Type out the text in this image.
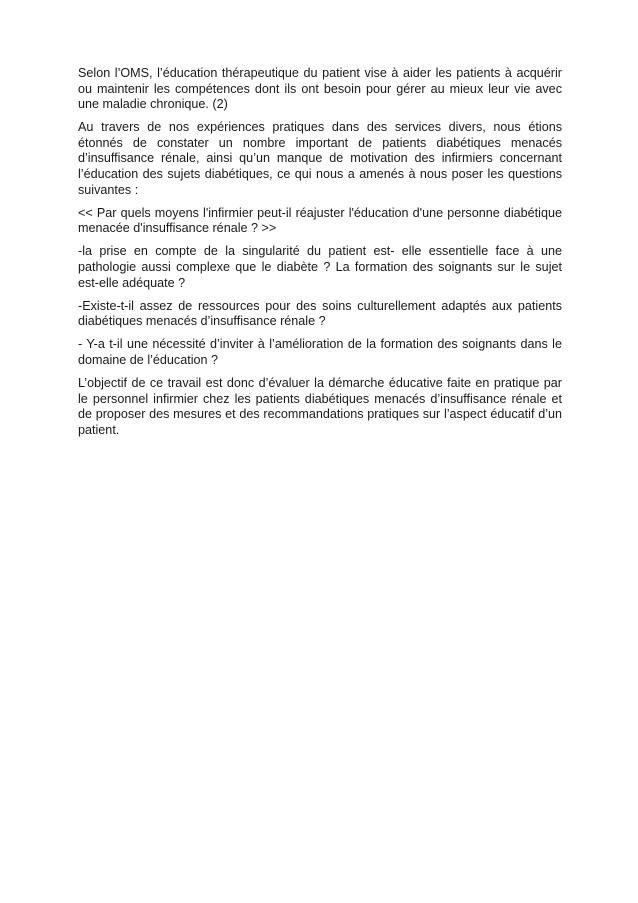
Selon l’OMS, l’éducation thérapeutique du patient vise à aider les patients à acquérir ou maintenir les compétences dont ils ont besoin pour gérer au mieux leur vie avec une maladie chronique. (2)

Au travers de nos expériences pratiques dans des services divers, nous étions étonnés de constater un nombre important de patients diabétiques menacés d’insuffisance rénale, ainsi qu’un manque de motivation des infirmiers concernant l’éducation des sujets diabétiques, ce qui nous a amenés à nous poser les questions suivantes :

<< Par quels moyens l'infirmier peut-il réajuster l'éducation d'une personne diabétique menacée d'insuffisance rénale ? >>

-la prise en compte de la singularité du patient est- elle essentielle face à une pathologie aussi complexe que le diabète ? La formation des soignants sur le sujet est-elle adéquate ?

-Existe-t-il assez de ressources pour des soins culturellement adaptés aux patients diabétiques menacés d’insuffisance rénale ?

- Y-a t-il une nécessité d’inviter à l’amélioration de la formation des soignants dans le domaine de l’éducation ?

L’objectif de ce travail est donc d’évaluer la démarche éducative faite en pratique par le personnel infirmier chez les patients diabétiques menacés d’insuffisance rénale et de proposer des mesures et des recommandations pratiques sur l’aspect éducatif d’un patient.
